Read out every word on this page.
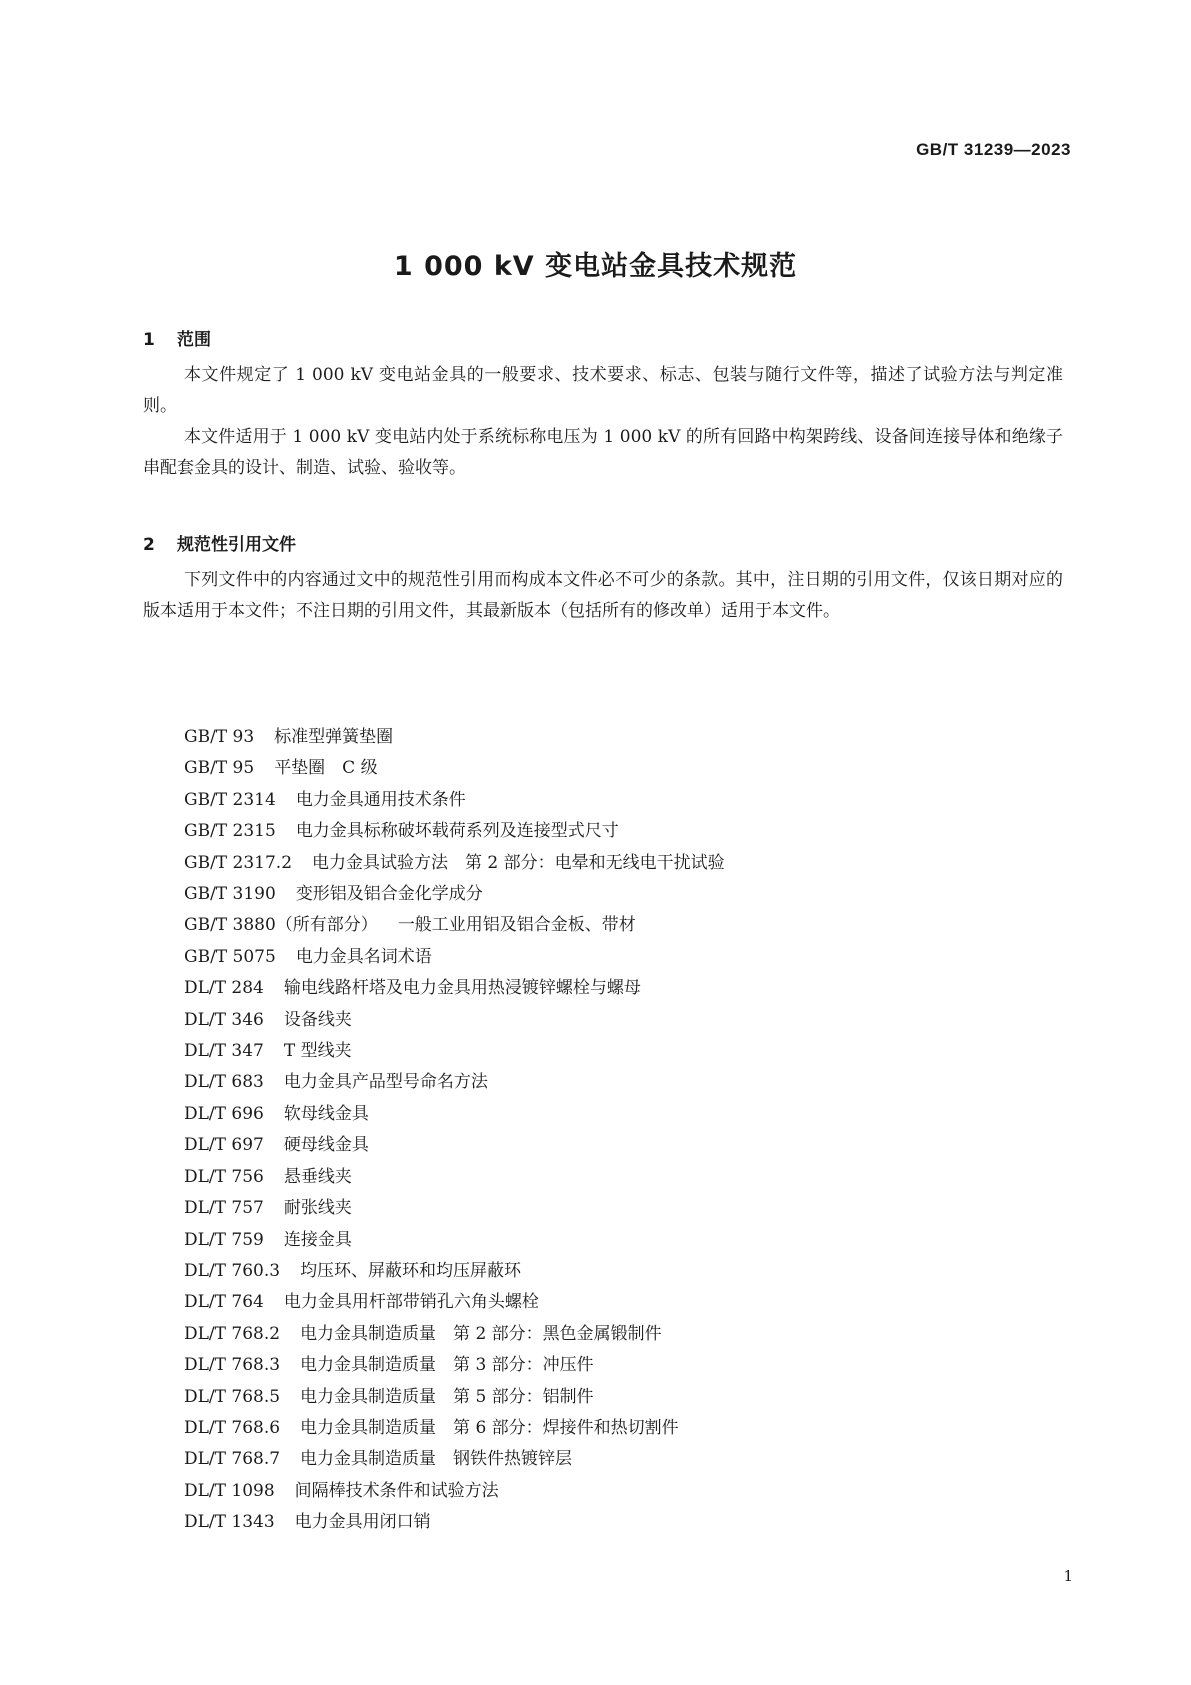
GB/T 31239—2023
1 000 kV 变电站金具技术规范
1 范围

本文件规定了 1 000 kV 变电站金具的一般要求、技术要求、标志、包装与随行文件等，描述了试验方法与判定准则。

本文件适用于 1 000 kV 变电站内处于系统标称电压为 1 000 kV 的所有回路中构架跨线、设备间连接导体和绝缘子串配套金具的设计、制造、试验、验收等。

2 规范性引用文件

下列文件中的内容通过文中的规范性引用而构成本文件必不可少的条款。其中，注日期的引用文件，仅该日期对应的版本适用于本文件；不注日期的引用文件，其最新版本（包括所有的修改单）适用于本文件。

GB/T 93 标准型弹簧垫圈
GB/T 95 平垫圈　C 级
GB/T 2314 电力金具通用技术条件
GB/T 2315 电力金具标称破坏载荷系列及连接型式尺寸
GB/T 2317.2 电力金具试验方法　第 2 部分：电晕和无线电干扰试验
GB/T 3190 变形铝及铝合金化学成分
GB/T 3880（所有部分） 一般工业用铝及铝合金板、带材
GB/T 5075 电力金具名词术语
DL/T 284 输电线路杆塔及电力金具用热浸镀锌螺栓与螺母
DL/T 346 设备线夹
DL/T 347 T 型线夹
DL/T 683 电力金具产品型号命名方法
DL/T 696 软母线金具
DL/T 697 硬母线金具
DL/T 756 悬垂线夹
DL/T 757 耐张线夹
DL/T 759 连接金具
DL/T 760.3 均压环、屏蔽环和均压屏蔽环
DL/T 764 电力金具用杆部带销孔六角头螺栓
DL/T 768.2 电力金具制造质量　第 2 部分：黑色金属锻制件
DL/T 768.3 电力金具制造质量　第 3 部分：冲压件
DL/T 768.5 电力金具制造质量　第 5 部分：铝制件
DL/T 768.6 电力金具制造质量　第 6 部分：焊接件和热切割件
DL/T 768.7 电力金具制造质量　钢铁件热镀锌层
DL/T 1098 间隔棒技术条件和试验方法
DL/T 1343 电力金具用闭口销
1
